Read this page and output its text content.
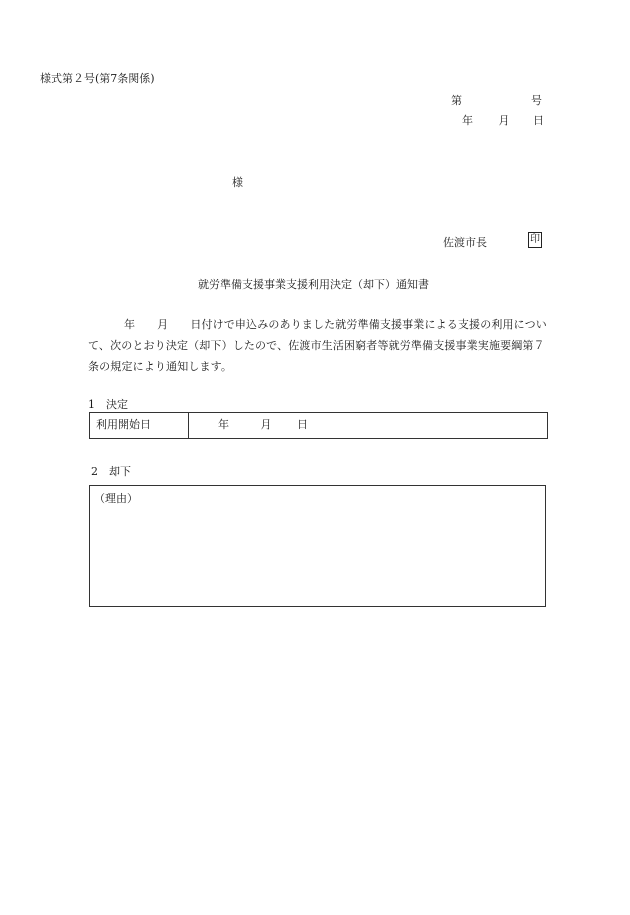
様式第２号(第7条関係)
第	号
年 月 日
様
佐渡市長	印
就労準備支援事業支援利用決定（却下）通知書

年 月 日付けで申込みのありました就労準備支援事業による支援の利用につい

て、次のとおり決定（却下）したので、佐渡市生活困窮者等就労準備支援事業実施要綱第７

条の規定により通知します。

1　決定
利用開始日	年	月 日
2　却下
（理由）
